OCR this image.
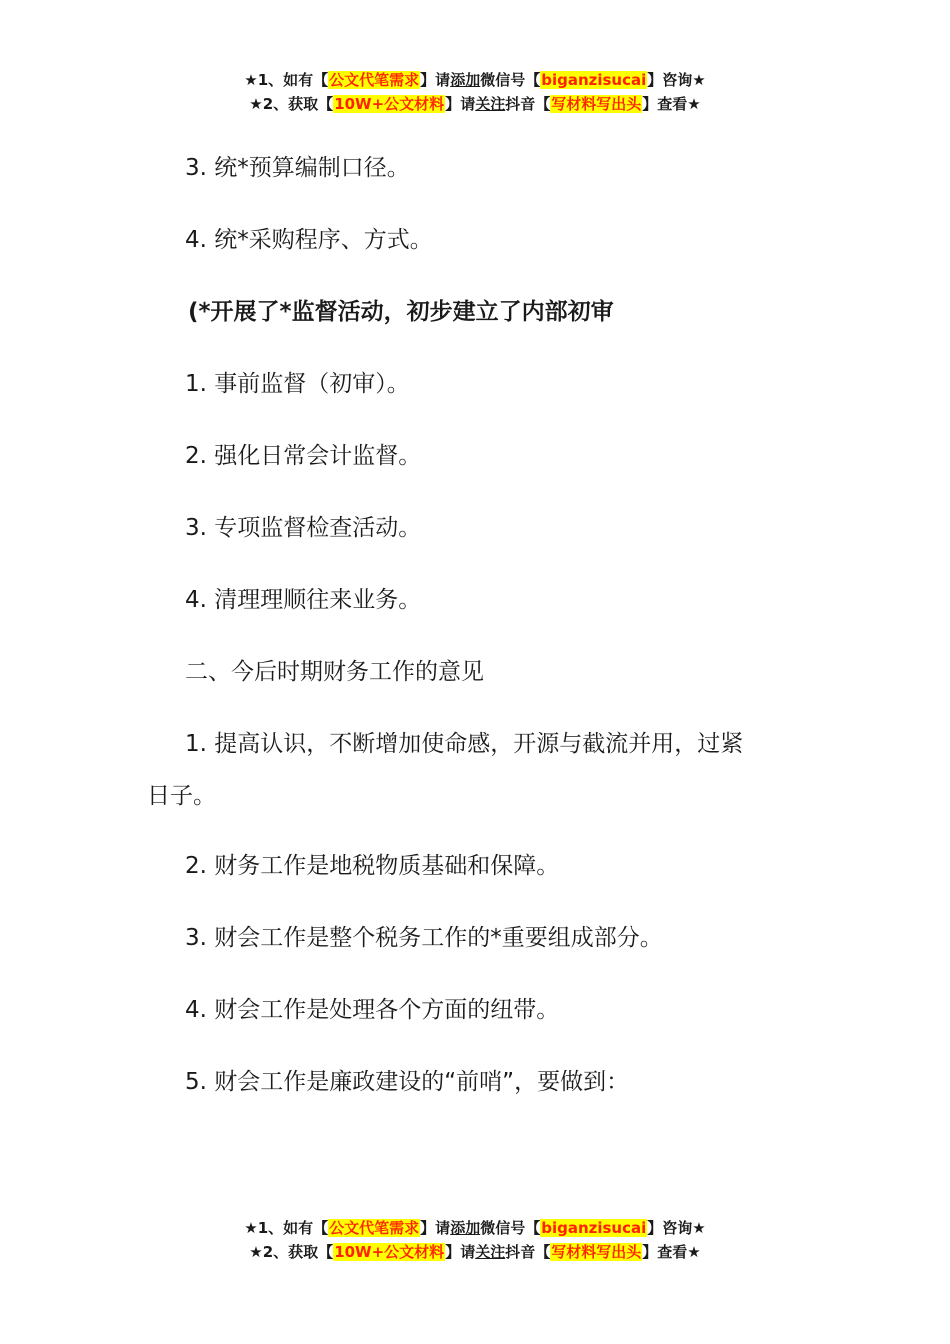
★1、如有【公文代笔需求】请添加微信号【biganzisucai】咨询★
★2、获取【10W+公文材料】请关注抖音【写材料写出头】查看★
3. 统*预算编制口径。
4. 统*采购程序、方式。
(*开展了*监督活动，初步建立了内部初审
1. 事前监督（初审）。
2. 强化日常会计监督。
3. 专项监督检查活动。
4. 清理理顺往来业务。
二、今后时期财务工作的意见
1. 提高认识，不断增加使命感，开源与截流并用，过紧
日子。
2. 财务工作是地税物质基础和保障。
3. 财会工作是整个税务工作的*重要组成部分。
4. 财会工作是处理各个方面的纽带。
5. 财会工作是廉政建设的“前哨”，要做到：
★1、如有【公文代笔需求】请添加微信号【biganzisucai】咨询★
★2、获取【10W+公文材料】请关注抖音【写材料写出头】查看★
